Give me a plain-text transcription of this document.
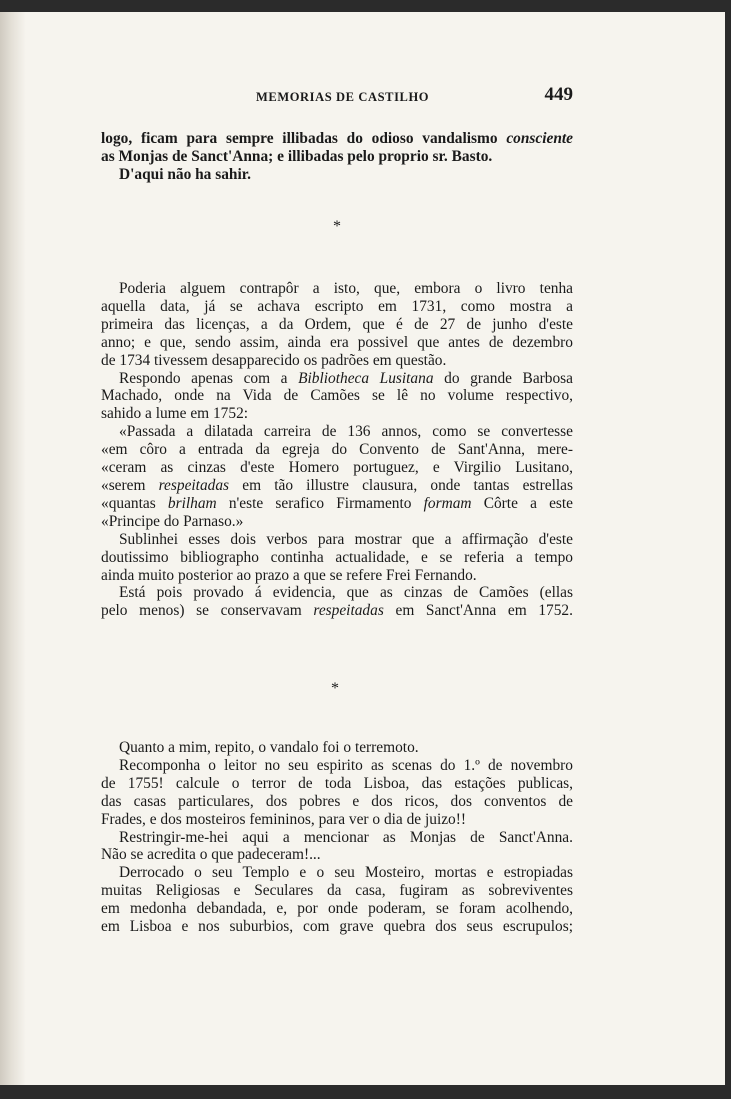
MEMORIAS DE CASTILHO	449
logo, ficam para sempre illibadas do odioso vandalismo consciente
as Monjas de Sanct'Anna; e illibadas pelo proprio sr. Basto.
D'aqui não ha sahir.
*
Poderia alguem contrapôr a isto, que, embora o livro tenha
aquella data, já se achava escripto em 1731, como mostra a
primeira das licenças, a da Ordem, que é de 27 de junho d'este
anno; e que, sendo assim, ainda era possivel que antes de dezembro
de 1734 tivessem desapparecido os padrões em questão.
Respondo apenas com a Bibliotheca Lusitana do grande Barbosa
Machado, onde na Vida de Camões se lê no volume respectivo,
sahido a lume em 1752:
«Passada a dilatada carreira de 136 annos, como se convertesse
«em côro a entrada da egreja do Convento de Sant'Anna, mere-
«ceram as cinzas d'este Homero portuguez, e Virgilio Lusitano,
«serem respeitadas em tão illustre clausura, onde tantas estrellas
«quantas brilham n'este serafico Firmamento formam Côrte a este
«Principe do Parnaso.»
Sublinhei esses dois verbos para mostrar que a affirmação d'este
doutissimo bibliographo continha actualidade, e se referia a tempo
ainda muito posterior ao prazo a que se refere Frei Fernando.
Está pois provado á evidencia, que as cinzas de Camões (ellas
pelo menos) se conservavam respeitadas em Sanct'Anna em 1752.
*
Quanto a mim, repito, o vandalo foi o terremoto.
Recomponha o leitor no seu espirito as scenas do 1.º de novembro
de 1755! calcule o terror de toda Lisboa, das estações publicas,
das casas particulares, dos pobres e dos ricos, dos conventos de
Frades, e dos mosteiros femininos, para ver o dia de juizo!!
Restringir-me-hei aqui a mencionar as Monjas de Sanct'Anna.
Não se acredita o que padeceram!...
Derrocado o seu Templo e o seu Mosteiro, mortas e estropiadas
muitas Religiosas e Seculares da casa, fugiram as sobreviventes
em medonha debandada, e, por onde poderam, se foram acolhendo,
em Lisboa e nos suburbios, com grave quebra dos seus escrupulos;
